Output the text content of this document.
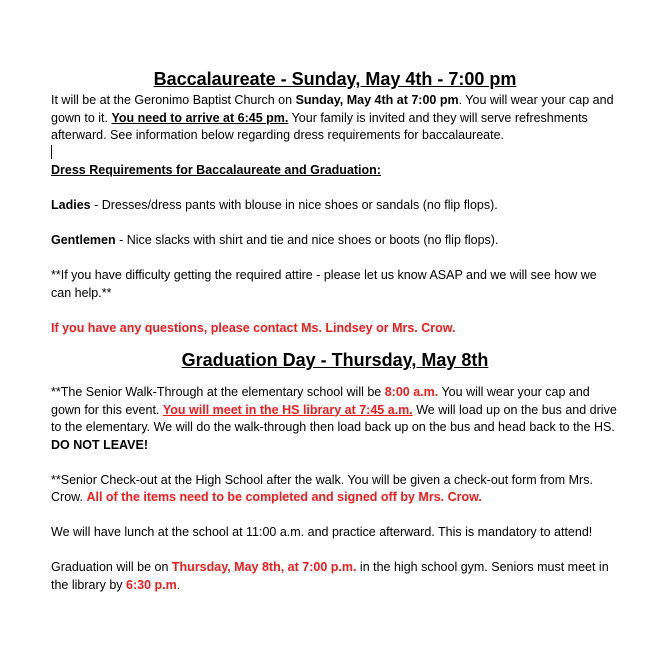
Baccalaureate - Sunday, May 4th - 7:00 pm

It will be at the Geronimo Baptist Church on Sunday, May 4th at 7:00 pm. You will wear your cap and gown to it. You need to arrive at 6:45 pm. Your family is invited and they will serve refreshments afterward. See information below regarding dress requirements for baccalaureate.

Dress Requirements for Baccalaureate and Graduation:

Ladies - Dresses/dress pants with blouse in nice shoes or sandals (no flip flops).

Gentlemen - Nice slacks with shirt and tie and nice shoes or boots (no flip flops).

**If you have difficulty getting the required attire - please let us know ASAP and we will see how we can help.**

If you have any questions, please contact Ms. Lindsey or Mrs. Crow.

Graduation Day - Thursday, May 8th

**The Senior Walk-Through at the elementary school will be 8:00 a.m. You will wear your cap and gown for this event. You will meet in the HS library at 7:45 a.m. We will load up on the bus and drive to the elementary. We will do the walk-through then load back up on the bus and head back to the HS. DO NOT LEAVE!

**Senior Check-out at the High School after the walk. You will be given a check-out form from Mrs. Crow. All of the items need to be completed and signed off by Mrs. Crow.

We will have lunch at the school at 11:00 a.m. and practice afterward. This is mandatory to attend!

Graduation will be on Thursday, May 8th, at 7:00 p.m. in the high school gym. Seniors must meet in the library by 6:30 p.m.
